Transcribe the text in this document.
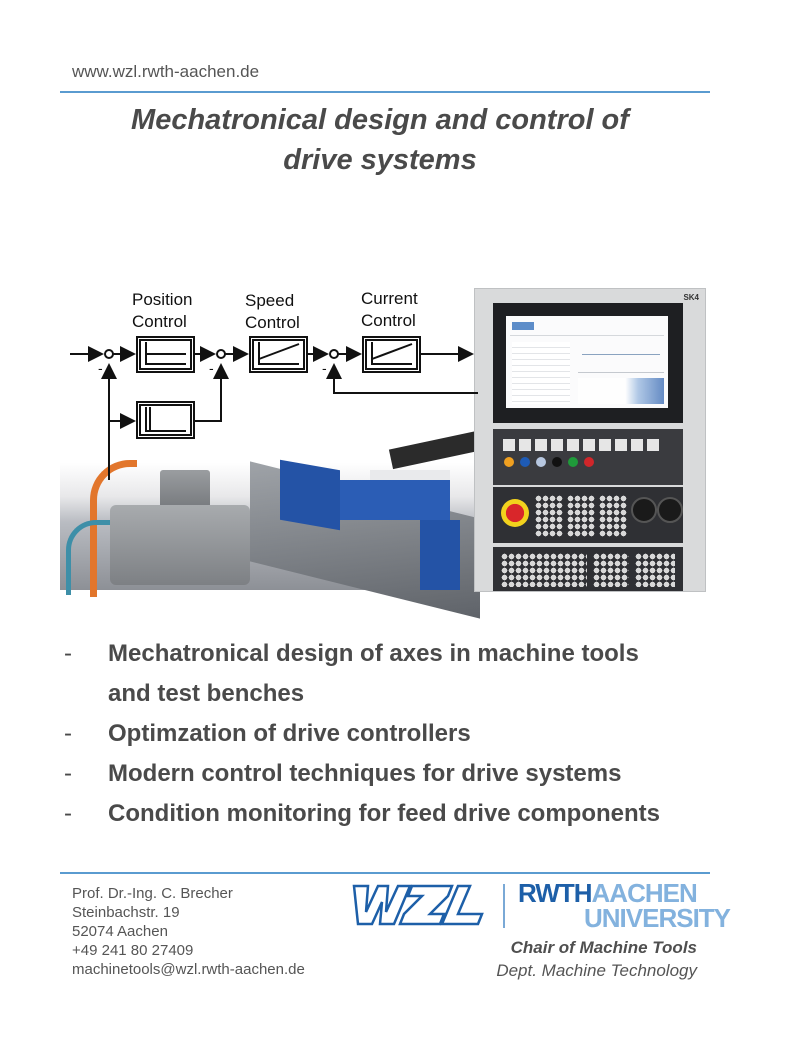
www.wzl.rwth-aachen.de
Mechatronical design and control of
drive systems
SK4
-	-	-
Position
Control
Speed
Control
Current
Control
-	Mechatronical design of axes in machine tools
and test benches
-	Optimzation of drive controllers
-	Modern control techniques for drive systems
-	Condition monitoring for feed drive components
Prof. Dr.-Ing. C. Brecher
Steinbachstr. 19
52074 Aachen
+49 241 80 27409
machinetools@wzl.rwth-aachen.de
RWTHAACHEN
UNIVERSITY
Chair of Machine Tools
Dept. Machine Technology
